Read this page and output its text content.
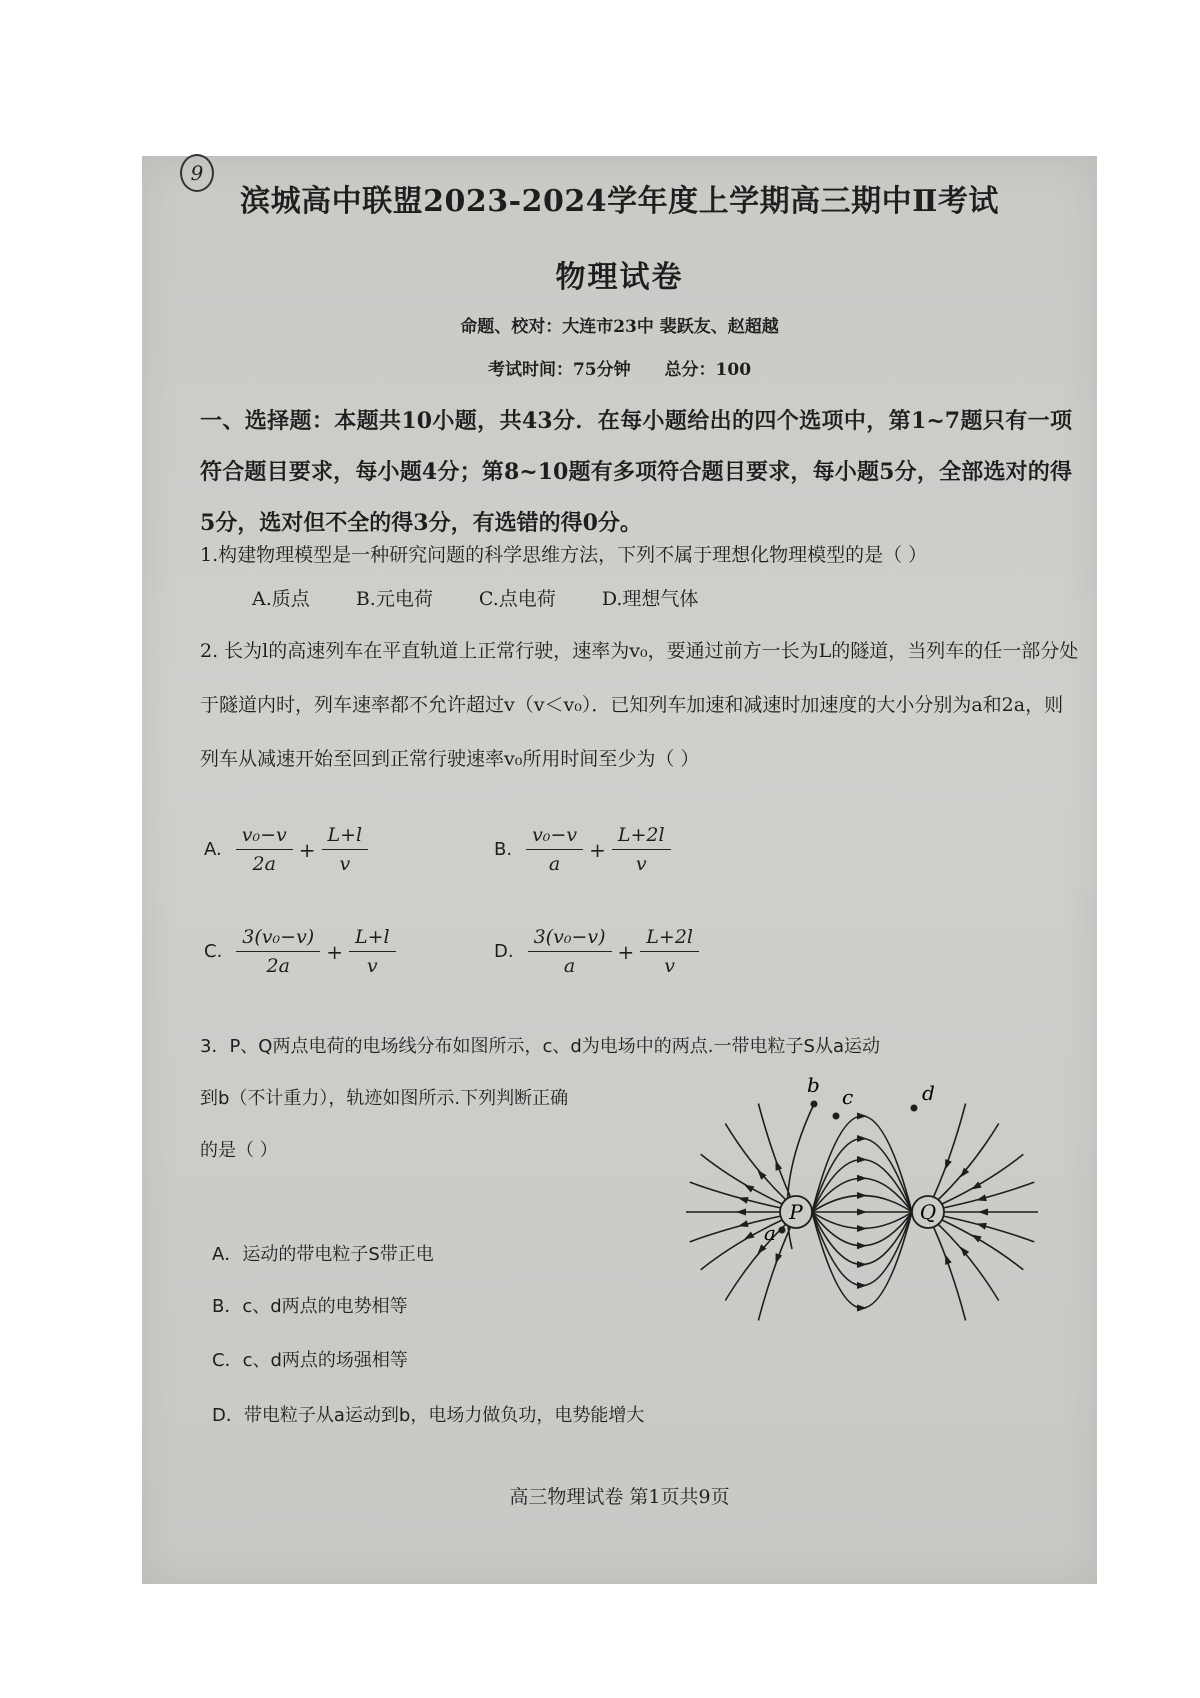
9
滨城高中联盟2023-2024学年度上学期高三期中Ⅱ考试
物理试卷
命题、校对：大连市23中 裴跃友、赵超越
考试时间：75分钟 总分：100
一、选择题：本题共10小题，共43分．在每小题给出的四个选项中，第1~7题只有一项符合题目要求，每小题4分；第8~10题有多项符合题目要求，每小题5分，全部选对的得5分，选对但不全的得3分，有选错的得0分。
1.构建物理模型是一种研究问题的科学思维方法，下列不属于理想化物理模型的是（ ）
A.质点 B.元电荷 C.点电荷 D.理想气体
2. 长为l的高速列车在平直轨道上正常行驶，速率为v₀，要通过前方一长为L的隧道，当列车的任一部分处于隧道内时，列车速率都不允许超过v（v＜v₀）．已知列车加速和减速时加速度的大小分别为a和2a，则列车从减速开始至回到正常行驶速率v₀所用时间至少为（ ）
A. $\frac{\text{v₀−v}}{2a} + \frac{L+l}{v}$	B. $\frac{\text{v₀−v}}{a} + \frac{L+2l}{v}$
C. $\frac{\text{3(v₀−v)}}{2a} + \frac{L+l}{v}$	D. $\frac{\text{3(v₀−v)}}{a} + \frac{L+2l}{v}$
3．P、Q两点电荷的电场线分布如图所示，c、d为电场中的两点.一带电粒子S从a运动
到b（不计重力），轨迹如图所示.下列判断正确
的是（ ）
A．运动的带电粒子S带正电
B．c、d两点的电势相等
C．c、d两点的场强相等
D．带电粒子从a运动到b，电场力做负功，电势能增大
P	Q
a
b c	d
高三物理试卷 第1页共9页
